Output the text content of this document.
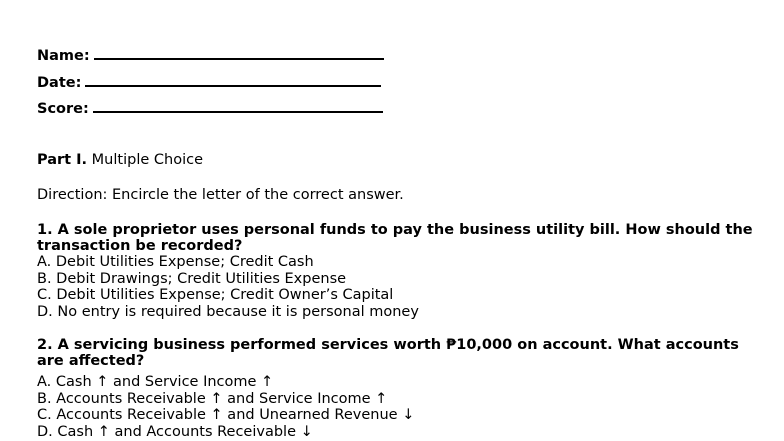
Name:
Date:
Score:
Part I. Multiple Choice
Direction: Encircle the letter of the correct answer.
1. A sole proprietor uses personal funds to pay the business utility bill. How should the transaction be recorded?
A. Debit Utilities Expense; Credit Cash
B. Debit Drawings; Credit Utilities Expense
C. Debit Utilities Expense; Credit Owner’s Capital
D. No entry is required because it is personal money
2. A servicing business performed services worth ₱10,000 on account. What accounts are affected?
A. Cash ↑ and Service Income ↑
B. Accounts Receivable ↑ and Service Income ↑
C. Accounts Receivable ↑ and Unearned Revenue ↓
D. Cash ↑ and Accounts Receivable ↓
